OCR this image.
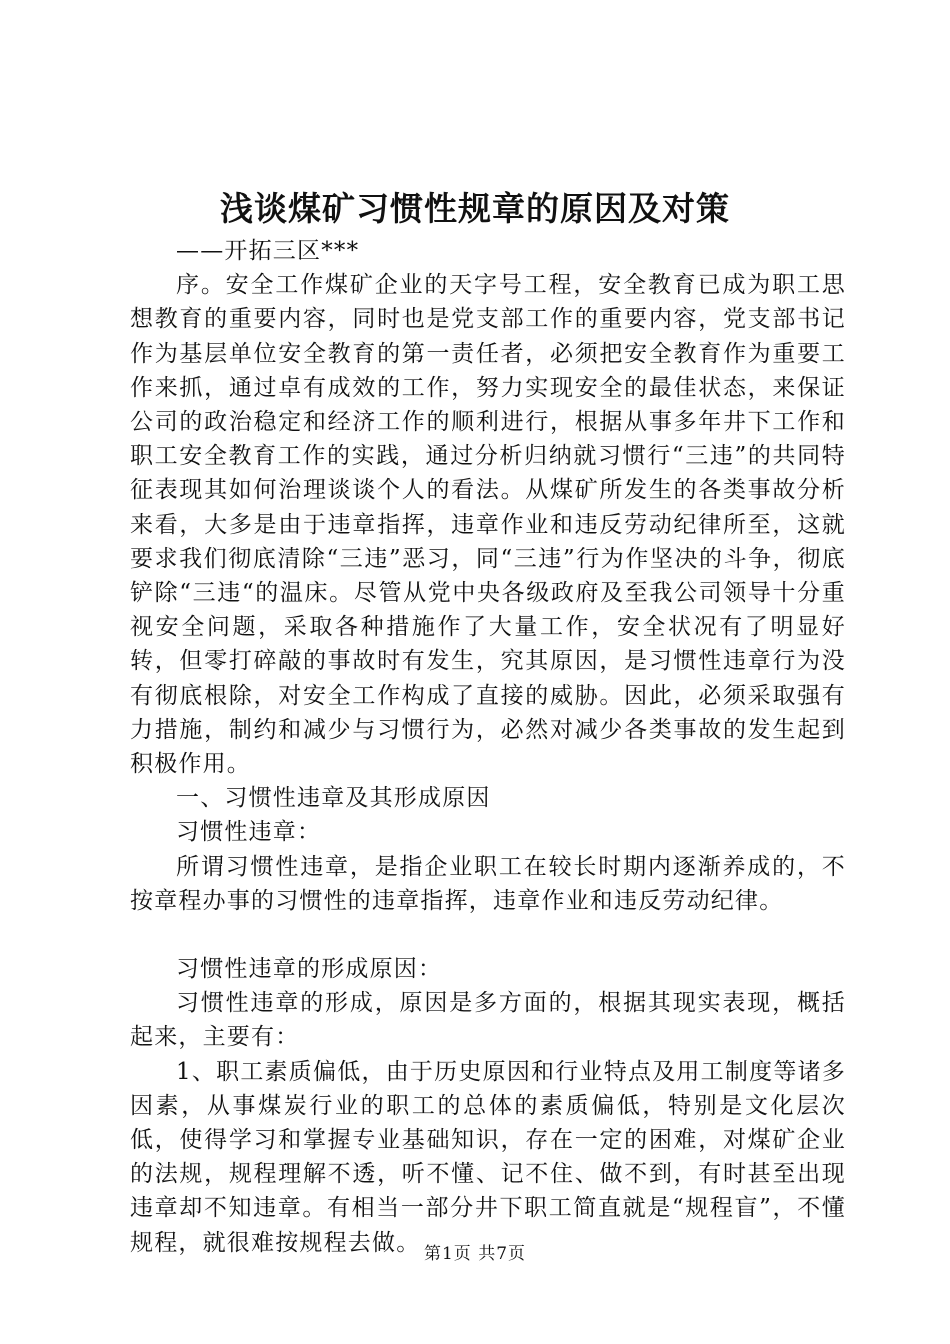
浅谈煤矿习惯性规章的原因及对策

——开拓三区***

序。安全工作煤矿企业的天字号工程，安全教育已成为职工思想教育的重要内容，同时也是党支部工作的重要内容，党支部书记作为基层单位安全教育的第一责任者，必须把安全教育作为重要工作来抓，通过卓有成效的工作，努力实现安全的最佳状态，来保证公司的政治稳定和经济工作的顺利进行，根据从事多年井下工作和职工安全教育工作的实践，通过分析归纳就习惯行“三违”的共同特征表现其如何治理谈谈个人的看法。从煤矿所发生的各类事故分析来看，大多是由于违章指挥，违章作业和违反劳动纪律所至，这就要求我们彻底清除“三违”恶习，同“三违”行为作坚决的斗争，彻底铲除“三违“的温床。尽管从党中央各级政府及至我公司领导十分重视安全问题，采取各种措施作了大量工作，安全状况有了明显好转，但零打碎敲的事故时有发生，究其原因，是习惯性违章行为没有彻底根除，对安全工作构成了直接的威胁。因此，必须采取强有力措施，制约和减少与习惯行为，必然对减少各类事故的发生起到积极作用。

一、习惯性违章及其形成原因

习惯性违章：

所谓习惯性违章，是指企业职工在较长时期内逐渐养成的，不按章程办事的习惯性的违章指挥，违章作业和违反劳动纪律。

习惯性违章的形成原因：

习惯性违章的形成，原因是多方面的，根据其现实表现，概括起来，主要有：

1、职工素质偏低，由于历史原因和行业特点及用工制度等诸多因素，从事煤炭行业的职工的总体的素质偏低，特别是文化层次低，使得学习和掌握专业基础知识，存在一定的困难，对煤矿企业的法规，规程理解不透，听不懂、记不住、做不到，有时甚至出现违章却不知违章。有相当一部分井下职工简直就是“规程盲”，不懂规程，就很难按规程去做。 第1页 共7页
